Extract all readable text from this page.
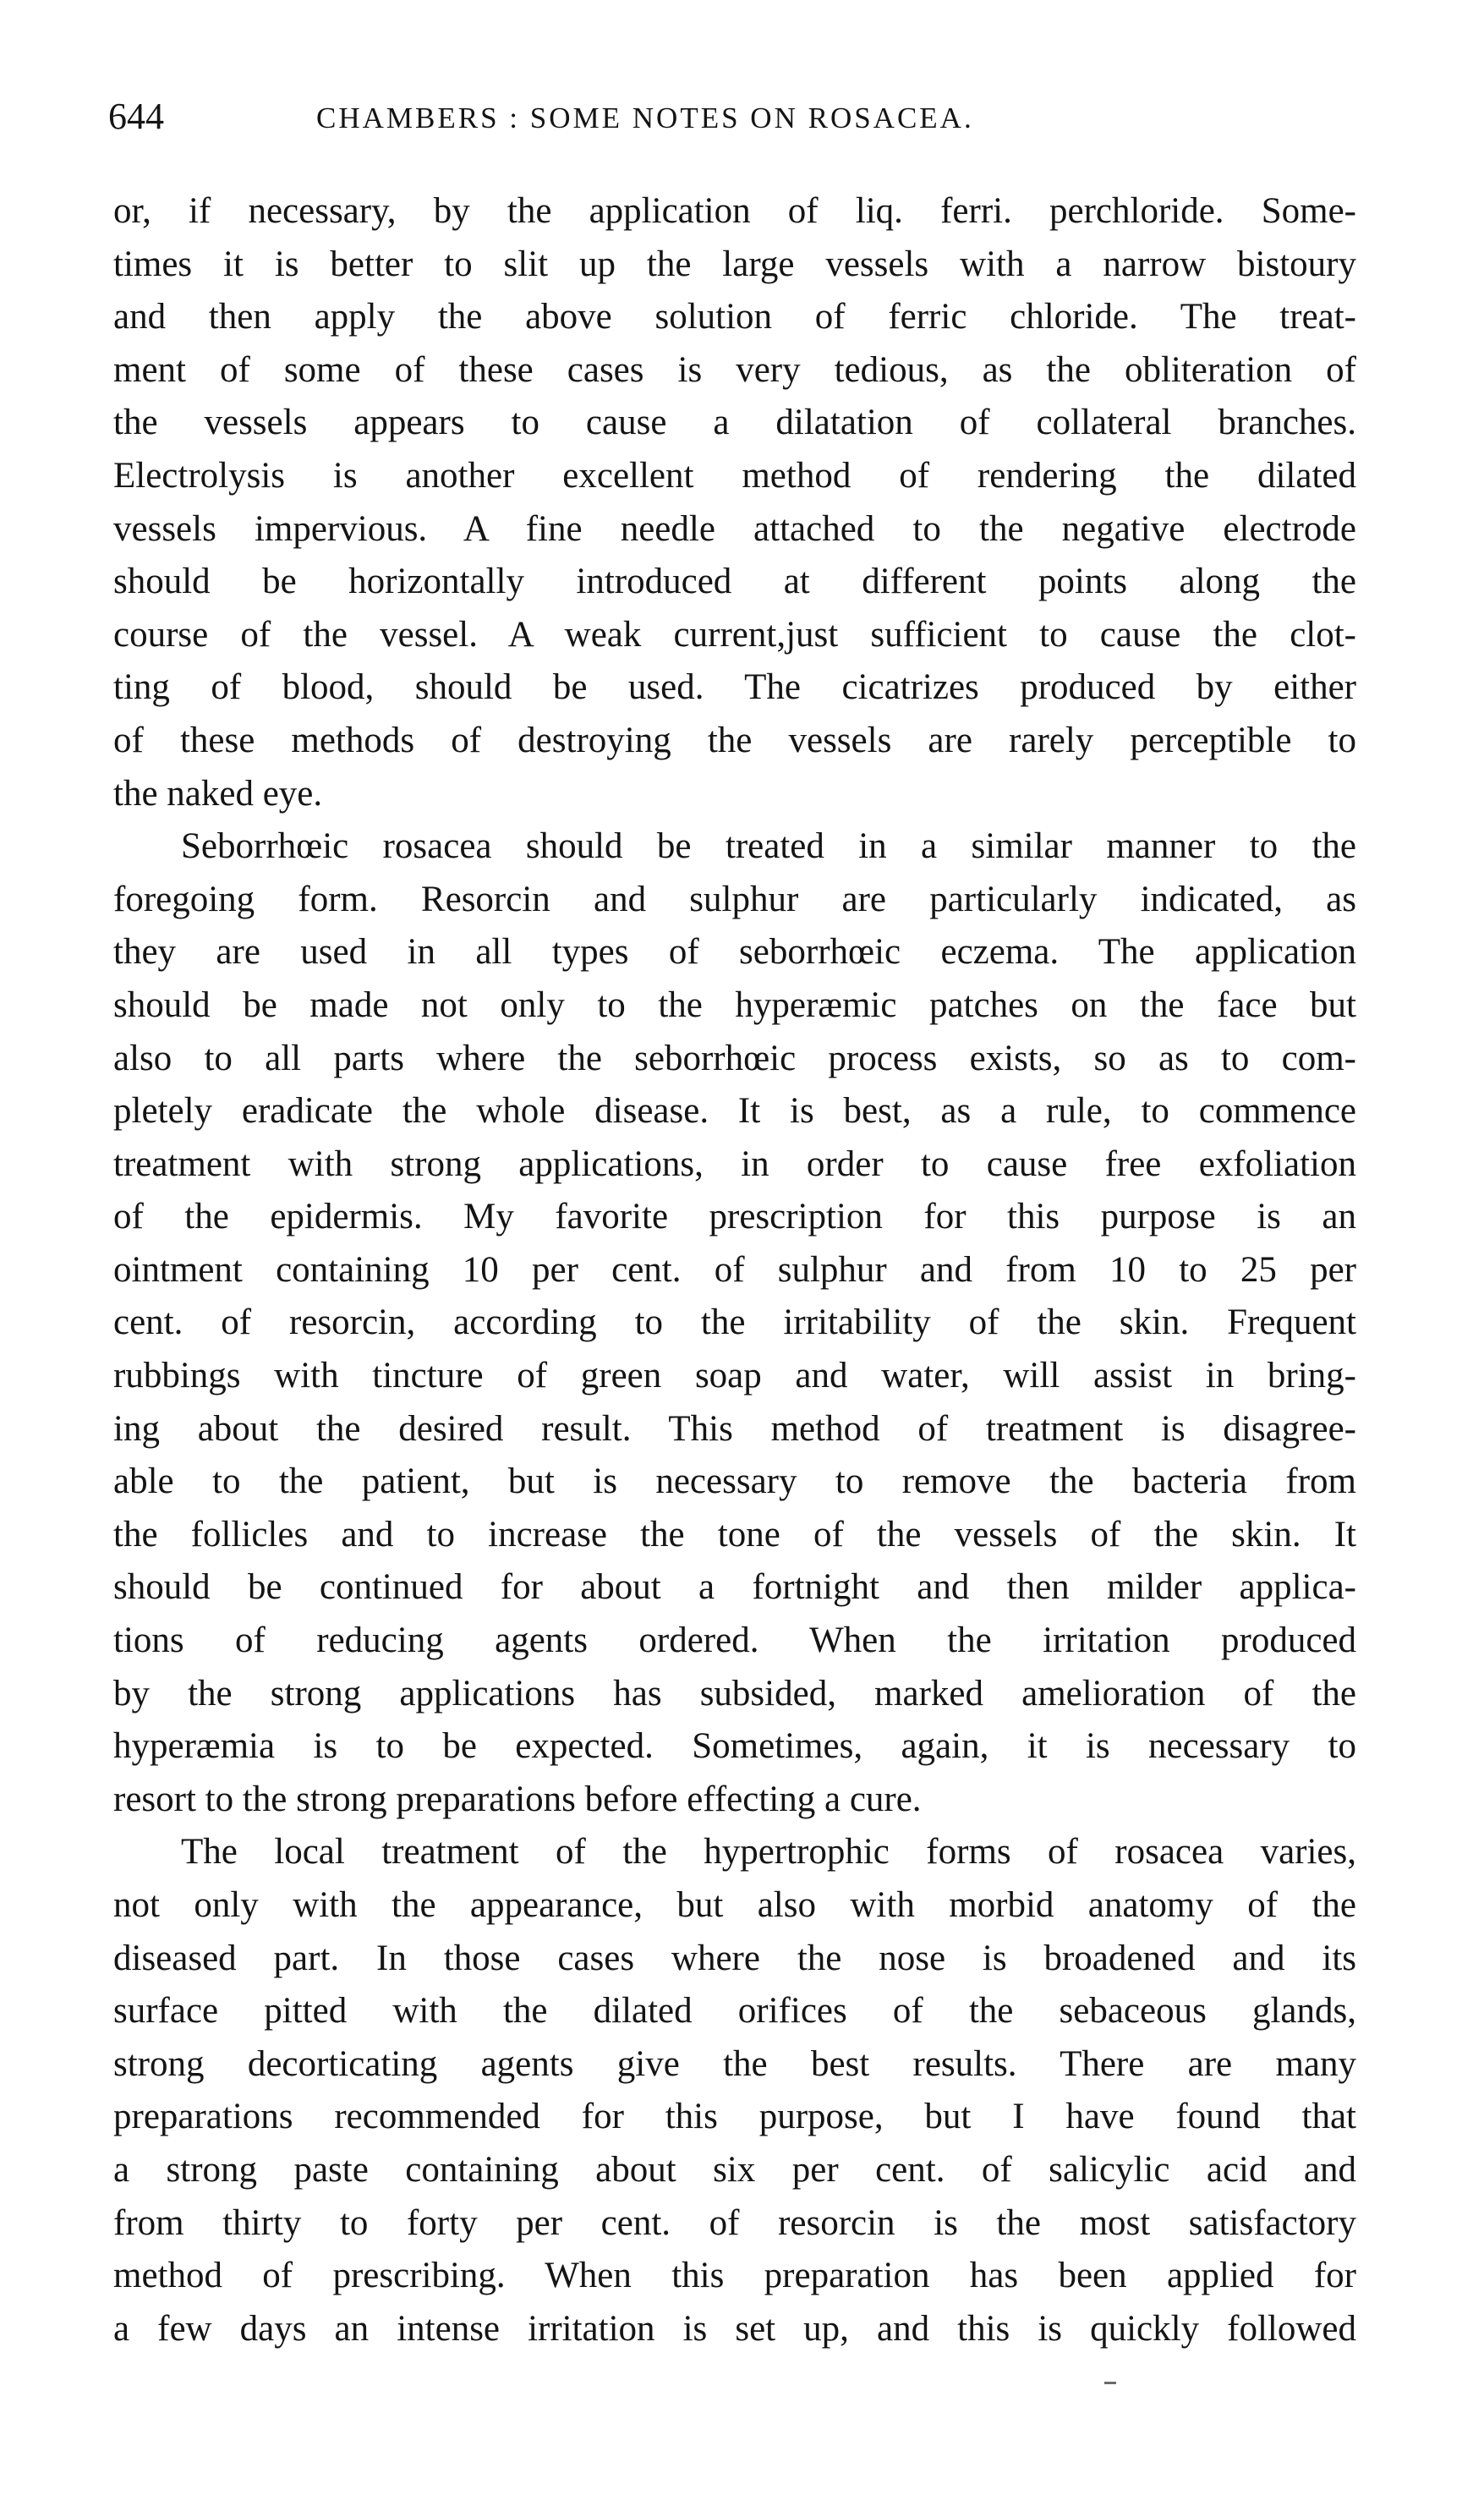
644	CHAMBERS : SOME NOTES ON ROSACEA.
or, if necessary, by the application of liq. ferri. perchloride. Some-
times it is better to slit up the large vessels with a narrow bistoury
and then apply the above solution of ferric chloride. The treat-
ment of some of these cases is very tedious, as the obliteration of
the vessels appears to cause a dilatation of collateral branches.
Electrolysis is another excellent method of rendering the dilated
vessels impervious. A fine needle attached to the negative electrode
should be horizontally introduced at different points along the
course of the vessel. A weak current,just sufficient to cause the clot-
ting of blood, should be used. The cicatrizes produced by either
of these methods of destroying the vessels are rarely perceptible to
the naked eye.
Seborrhœic rosacea should be treated in a similar manner to the
foregoing form. Resorcin and sulphur are particularly indicated, as
they are used in all types of seborrhœic eczema. The application
should be made not only to the hyperæmic patches on the face but
also to all parts where the seborrhœic process exists, so as to com-
pletely eradicate the whole disease. It is best, as a rule, to commence
treatment with strong applications, in order to cause free exfoliation
of the epidermis. My favorite prescription for this purpose is an
ointment containing 10 per cent. of sulphur and from 10 to 25 per
cent. of resorcin, according to the irritability of the skin. Frequent
rubbings with tincture of green soap and water, will assist in bring-
ing about the desired result. This method of treatment is disagree-
able to the patient, but is necessary to remove the bacteria from
the follicles and to increase the tone of the vessels of the skin. It
should be continued for about a fortnight and then milder applica-
tions of reducing agents ordered. When the irritation produced
by the strong applications has subsided, marked amelioration of the
hyperæmia is to be expected. Sometimes, again, it is necessary to
resort to the strong preparations before effecting a cure.
The local treatment of the hypertrophic forms of rosacea varies,
not only with the appearance, but also with morbid anatomy of the
diseased part. In those cases where the nose is broadened and its
surface pitted with the dilated orifices of the sebaceous glands,
strong decorticating agents give the best results. There are many
preparations recommended for this purpose, but I have found that
a strong paste containing about six per cent. of salicylic acid and
from thirty to forty per cent. of resorcin is the most satisfactory
method of prescribing. When this preparation has been applied for
a few days an intense irritation is set up, and this is quickly followed
